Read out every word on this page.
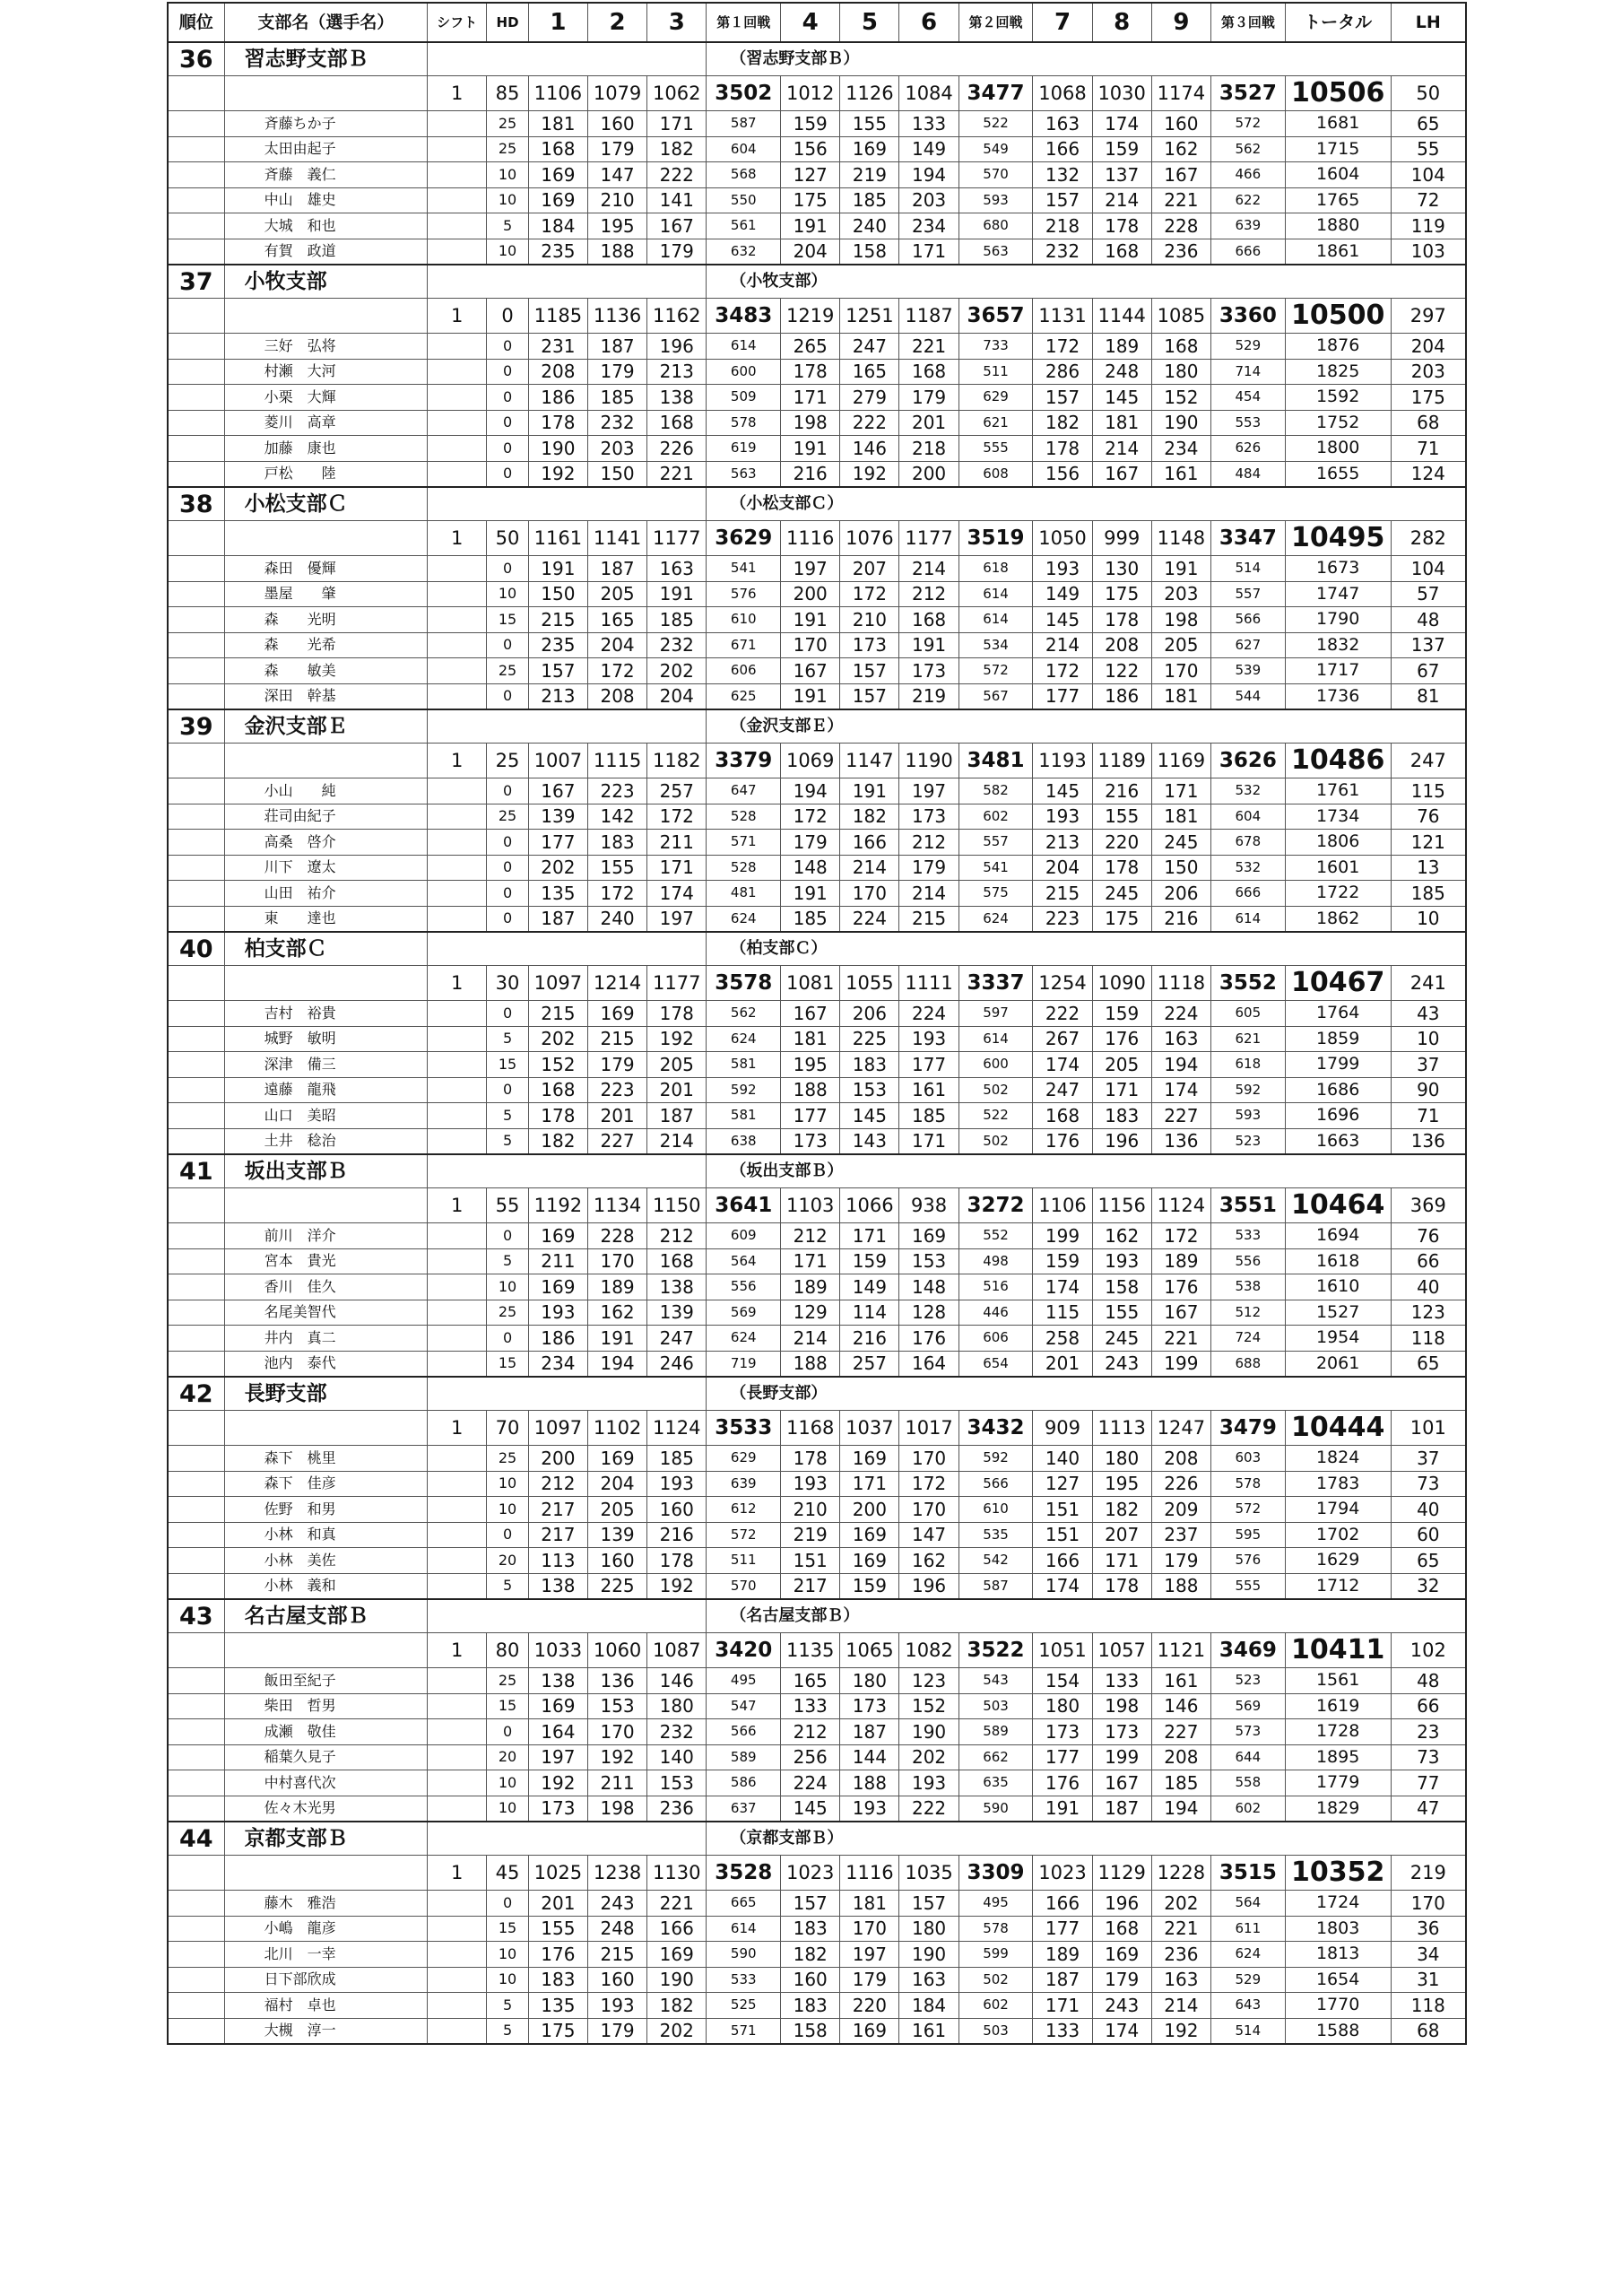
順位	支部名（選手名）	シフト	HD	1	2	3	第１回戦	4	5	6	第２回戦	7	8	9	第３回戦	トータル	LH
36	習志野支部Ｂ						（習志野支部Ｂ）										
		1	85	1106	1079	1062	3502	1012	1126	1084	3477	1068	1030	1174	3527	10506	50
	斉藤ちか子		25	181	160	171	587	159	155	133	522	163	174	160	572	1681	65
	太田由起子		25	168	179	182	604	156	169	149	549	166	159	162	562	1715	55
	斉藤　義仁		10	169	147	222	568	127	219	194	570	132	137	167	466	1604	104
	中山　雄史		10	169	210	141	550	175	185	203	593	157	214	221	622	1765	72
	大城　和也		5	184	195	167	561	191	240	234	680	218	178	228	639	1880	119
	有賀　政道		10	235	188	179	632	204	158	171	563	232	168	236	666	1861	103
37	小牧支部						（小牧支部）										
		1	0	1185	1136	1162	3483	1219	1251	1187	3657	1131	1144	1085	3360	10500	297
	三好　弘将		0	231	187	196	614	265	247	221	733	172	189	168	529	1876	204
	村瀬　大河		0	208	179	213	600	178	165	168	511	286	248	180	714	1825	203
	小栗　大輝		0	186	185	138	509	171	279	179	629	157	145	152	454	1592	175
	菱川　高章		0	178	232	168	578	198	222	201	621	182	181	190	553	1752	68
	加藤　康也		0	190	203	226	619	191	146	218	555	178	214	234	626	1800	71
	戸松　　陸		0	192	150	221	563	216	192	200	608	156	167	161	484	1655	124
38	小松支部Ｃ						（小松支部Ｃ）										
		1	50	1161	1141	1177	3629	1116	1076	1177	3519	1050	999	1148	3347	10495	282
	森田　優輝		0	191	187	163	541	197	207	214	618	193	130	191	514	1673	104
	墨屋　　肇		10	150	205	191	576	200	172	212	614	149	175	203	557	1747	57
	森　　光明		15	215	165	185	610	191	210	168	614	145	178	198	566	1790	48
	森　　光希		0	235	204	232	671	170	173	191	534	214	208	205	627	1832	137
	森　　敏美		25	157	172	202	606	167	157	173	572	172	122	170	539	1717	67
	深田　幹基		0	213	208	204	625	191	157	219	567	177	186	181	544	1736	81
39	金沢支部Ｅ						（金沢支部Ｅ）										
		1	25	1007	1115	1182	3379	1069	1147	1190	3481	1193	1189	1169	3626	10486	247
	小山　　純		0	167	223	257	647	194	191	197	582	145	216	171	532	1761	115
	荘司由紀子		25	139	142	172	528	172	182	173	602	193	155	181	604	1734	76
	高桑　啓介		0	177	183	211	571	179	166	212	557	213	220	245	678	1806	121
	川下　遼太		0	202	155	171	528	148	214	179	541	204	178	150	532	1601	13
	山田　祐介		0	135	172	174	481	191	170	214	575	215	245	206	666	1722	185
	東　　達也		0	187	240	197	624	185	224	215	624	223	175	216	614	1862	10
40	柏支部Ｃ						（柏支部Ｃ）										
		1	30	1097	1214	1177	3578	1081	1055	1111	3337	1254	1090	1118	3552	10467	241
	吉村　裕貴		0	215	169	178	562	167	206	224	597	222	159	224	605	1764	43
	城野　敏明		5	202	215	192	624	181	225	193	614	267	176	163	621	1859	10
	深津　備三		15	152	179	205	581	195	183	177	600	174	205	194	618	1799	37
	遠藤　龍飛		0	168	223	201	592	188	153	161	502	247	171	174	592	1686	90
	山口　美昭		5	178	201	187	581	177	145	185	522	168	183	227	593	1696	71
	土井　稔治		5	182	227	214	638	173	143	171	502	176	196	136	523	1663	136
41	坂出支部Ｂ						（坂出支部Ｂ）										
		1	55	1192	1134	1150	3641	1103	1066	938	3272	1106	1156	1124	3551	10464	369
	前川　洋介		0	169	228	212	609	212	171	169	552	199	162	172	533	1694	76
	宮本　貴光		5	211	170	168	564	171	159	153	498	159	193	189	556	1618	66
	香川　佳久		10	169	189	138	556	189	149	148	516	174	158	176	538	1610	40
	名尾美智代		25	193	162	139	569	129	114	128	446	115	155	167	512	1527	123
	井内　真二		0	186	191	247	624	214	216	176	606	258	245	221	724	1954	118
	池内　泰代		15	234	194	246	719	188	257	164	654	201	243	199	688	2061	65
42	長野支部						（長野支部）										
		1	70	1097	1102	1124	3533	1168	1037	1017	3432	909	1113	1247	3479	10444	101
	森下　桃里		25	200	169	185	629	178	169	170	592	140	180	208	603	1824	37
	森下　佳彦		10	212	204	193	639	193	171	172	566	127	195	226	578	1783	73
	佐野　和男		10	217	205	160	612	210	200	170	610	151	182	209	572	1794	40
	小林　和真		0	217	139	216	572	219	169	147	535	151	207	237	595	1702	60
	小林　美佐		20	113	160	178	511	151	169	162	542	166	171	179	576	1629	65
	小林　義和		5	138	225	192	570	217	159	196	587	174	178	188	555	1712	32
43	名古屋支部Ｂ						（名古屋支部Ｂ）										
		1	80	1033	1060	1087	3420	1135	1065	1082	3522	1051	1057	1121	3469	10411	102
	飯田至紀子		25	138	136	146	495	165	180	123	543	154	133	161	523	1561	48
	柴田　哲男		15	169	153	180	547	133	173	152	503	180	198	146	569	1619	66
	成瀬　敬佳		0	164	170	232	566	212	187	190	589	173	173	227	573	1728	23
	稲葉久見子		20	197	192	140	589	256	144	202	662	177	199	208	644	1895	73
	中村喜代次		10	192	211	153	586	224	188	193	635	176	167	185	558	1779	77
	佐々木光男		10	173	198	236	637	145	193	222	590	191	187	194	602	1829	47
44	京都支部Ｂ						（京都支部Ｂ）										
		1	45	1025	1238	1130	3528	1023	1116	1035	3309	1023	1129	1228	3515	10352	219
	藤木　雅浩		0	201	243	221	665	157	181	157	495	166	196	202	564	1724	170
	小嶋　龍彦		15	155	248	166	614	183	170	180	578	177	168	221	611	1803	36
	北川　一幸		10	176	215	169	590	182	197	190	599	189	169	236	624	1813	34
	日下部欣成		10	183	160	190	533	160	179	163	502	187	179	163	529	1654	31
	福村　卓也		5	135	193	182	525	183	220	184	602	171	243	214	643	1770	118
	大槻　淳一		5	175	179	202	571	158	169	161	503	133	174	192	514	1588	68
